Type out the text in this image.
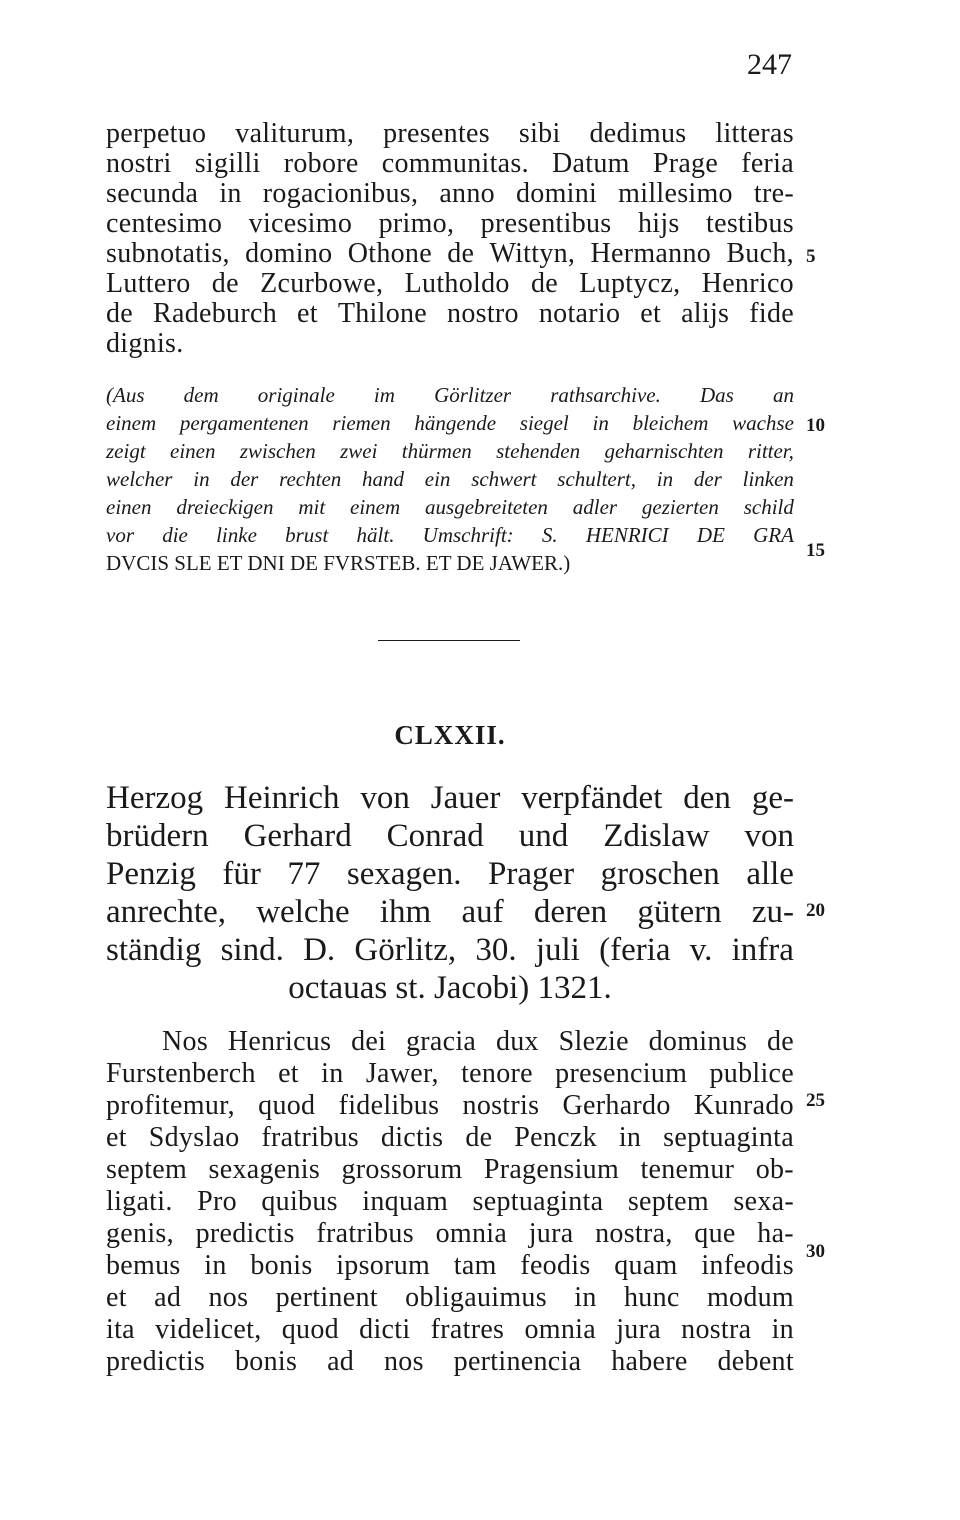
247
perpetuo valiturum, presentes sibi dedimus litteras
nostri sigilli robore communitas. Datum Prage feria
secunda in rogacionibus, anno domini millesimo tre-
centesimo vicesimo primo, presentibus hijs testibus
subnotatis, domino Othone de Wittyn, Hermanno Buch,
Luttero de Zcurbowe, Lutholdo de Luptycz, Henrico
de Radeburch et Thilone nostro notario et alijs fide
dignis.
(Aus dem originale im Görlitzer rathsarchive. Das an
einem pergamentenen riemen hängende siegel in bleichem wachse
zeigt einen zwischen zwei thürmen stehenden geharnischten ritter,
welcher in der rechten hand ein schwert schultert, in der linken
einen dreieckigen mit einem ausgebreiteten adler gezierten schild
vor die linke brust hält. Umschrift: S. HENRICI DE GRA
DVCIS SLE ET DNI DE FVRSTEB. ET DE JAWER.)
CLXXII.
Herzog Heinrich von Jauer verpfändet den ge-
brüdern Gerhard Conrad und Zdislaw von
Penzig für 77 sexagen. Prager groschen alle
anrechte, welche ihm auf deren gütern zu-
ständig sind. D. Görlitz, 30. juli (feria v. infra
octauas st. Jacobi) 1321.
Nos Henricus dei gracia dux Slezie dominus de
Furstenberch et in Jawer, tenore presencium publice
profitemur, quod fidelibus nostris Gerhardo Kunrado
et Sdyslao fratribus dictis de Penczk in septuaginta
septem sexagenis grossorum Pragensium tenemur ob-
ligati. Pro quibus inquam septuaginta septem sexa-
genis, predictis fratribus omnia jura nostra, que ha-
bemus in bonis ipsorum tam feodis quam infeodis
et ad nos pertinent obligauimus in hunc modum
ita videlicet, quod dicti fratres omnia jura nostra in
predictis bonis ad nos pertinencia habere debent
5
10
15
20
25
30
